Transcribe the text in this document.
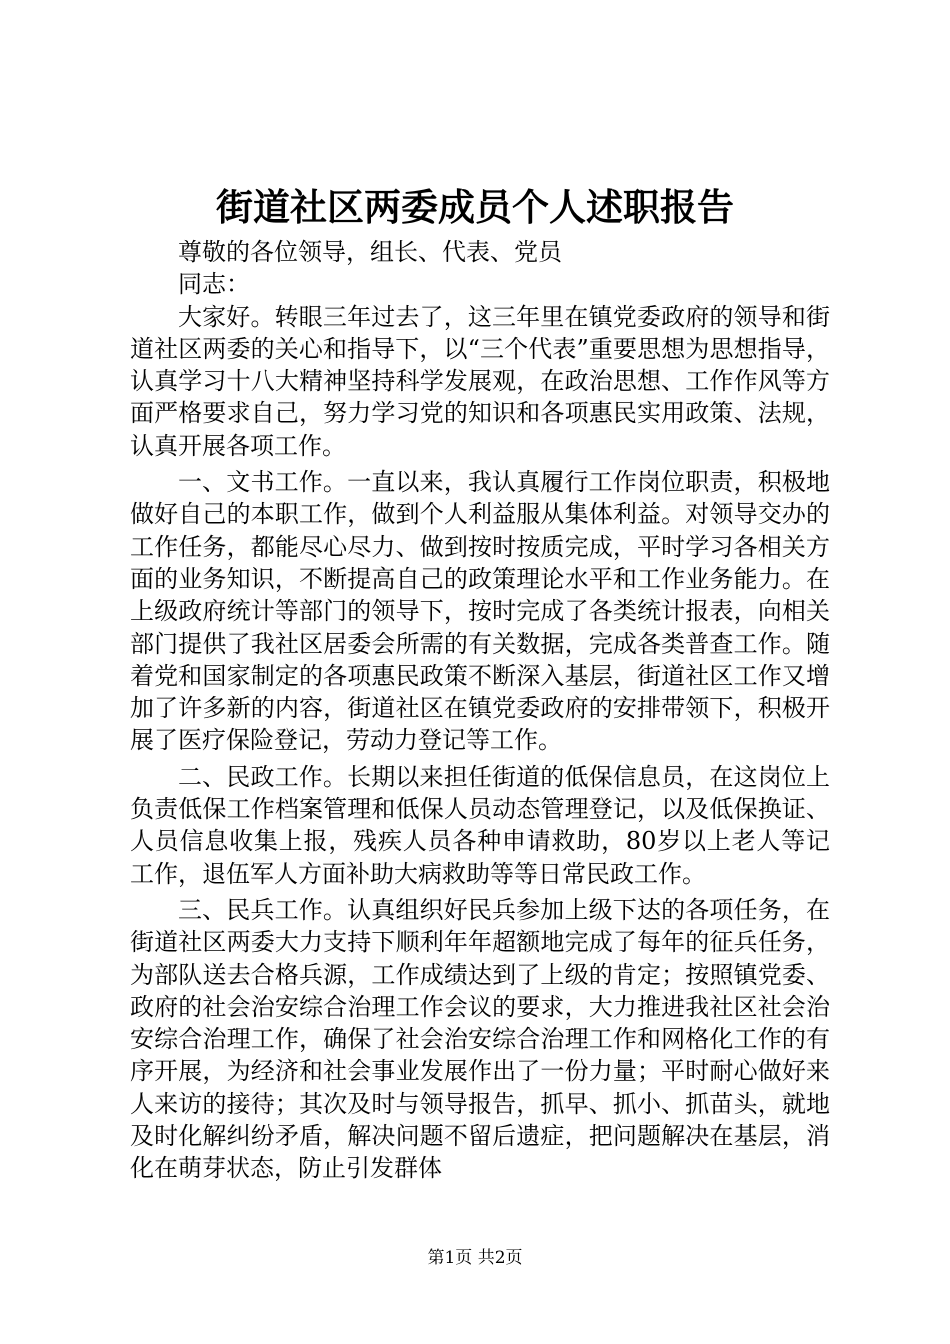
街道社区两委成员个人述职报告

尊敬的各位领导，组长、代表、党员

同志：

大家好。转眼三年过去了，这三年里在镇党委政府的领导和街道社区两委的关心和指导下，以“三个代表”重要思想为思想指导，认真学习十八大精神坚持科学发展观，在政治思想、工作作风等方面严格要求自己，努力学习党的知识和各项惠民实用政策、法规，认真开展各项工作。

一、文书工作。一直以来，我认真履行工作岗位职责，积极地做好自己的本职工作，做到个人利益服从集体利益。对领导交办的工作任务，都能尽心尽力、做到按时按质完成，平时学习各相关方面的业务知识，不断提高自己的政策理论水平和工作业务能力。在上级政府统计等部门的领导下，按时完成了各类统计报表，向相关部门提供了我社区居委会所需的有关数据，完成各类普查工作。随着党和国家制定的各项惠民政策不断深入基层，街道社区工作又增加了许多新的内容，街道社区在镇党委政府的安排带领下，积极开展了医疗保险登记，劳动力登记等工作。

二、民政工作。长期以来担任街道的低保信息员，在这岗位上负责低保工作档案管理和低保人员动态管理登记，以及低保换证、人员信息收集上报，残疾人员各种申请救助，80岁以上老人等记工作，退伍军人方面补助大病救助等等日常民政工作。

三、民兵工作。认真组织好民兵参加上级下达的各项任务，在街道社区两委大力支持下顺利年年超额地完成了每年的征兵任务，为部队送去合格兵源，工作成绩达到了上级的肯定；按照镇党委、政府的社会治安综合治理工作会议的要求，大力推进我社区社会治安综合治理工作，确保了社会治安综合治理工作和网格化工作的有序开展，为经济和社会事业发展作出了一份力量；平时耐心做好来人来访的接待；其次及时与领导报告，抓早、抓小、抓苗头，就地及时化解纠纷矛盾，解决问题不留后遗症，把问题解决在基层，消化在萌芽状态，防止引发群体

第1页 共2页
